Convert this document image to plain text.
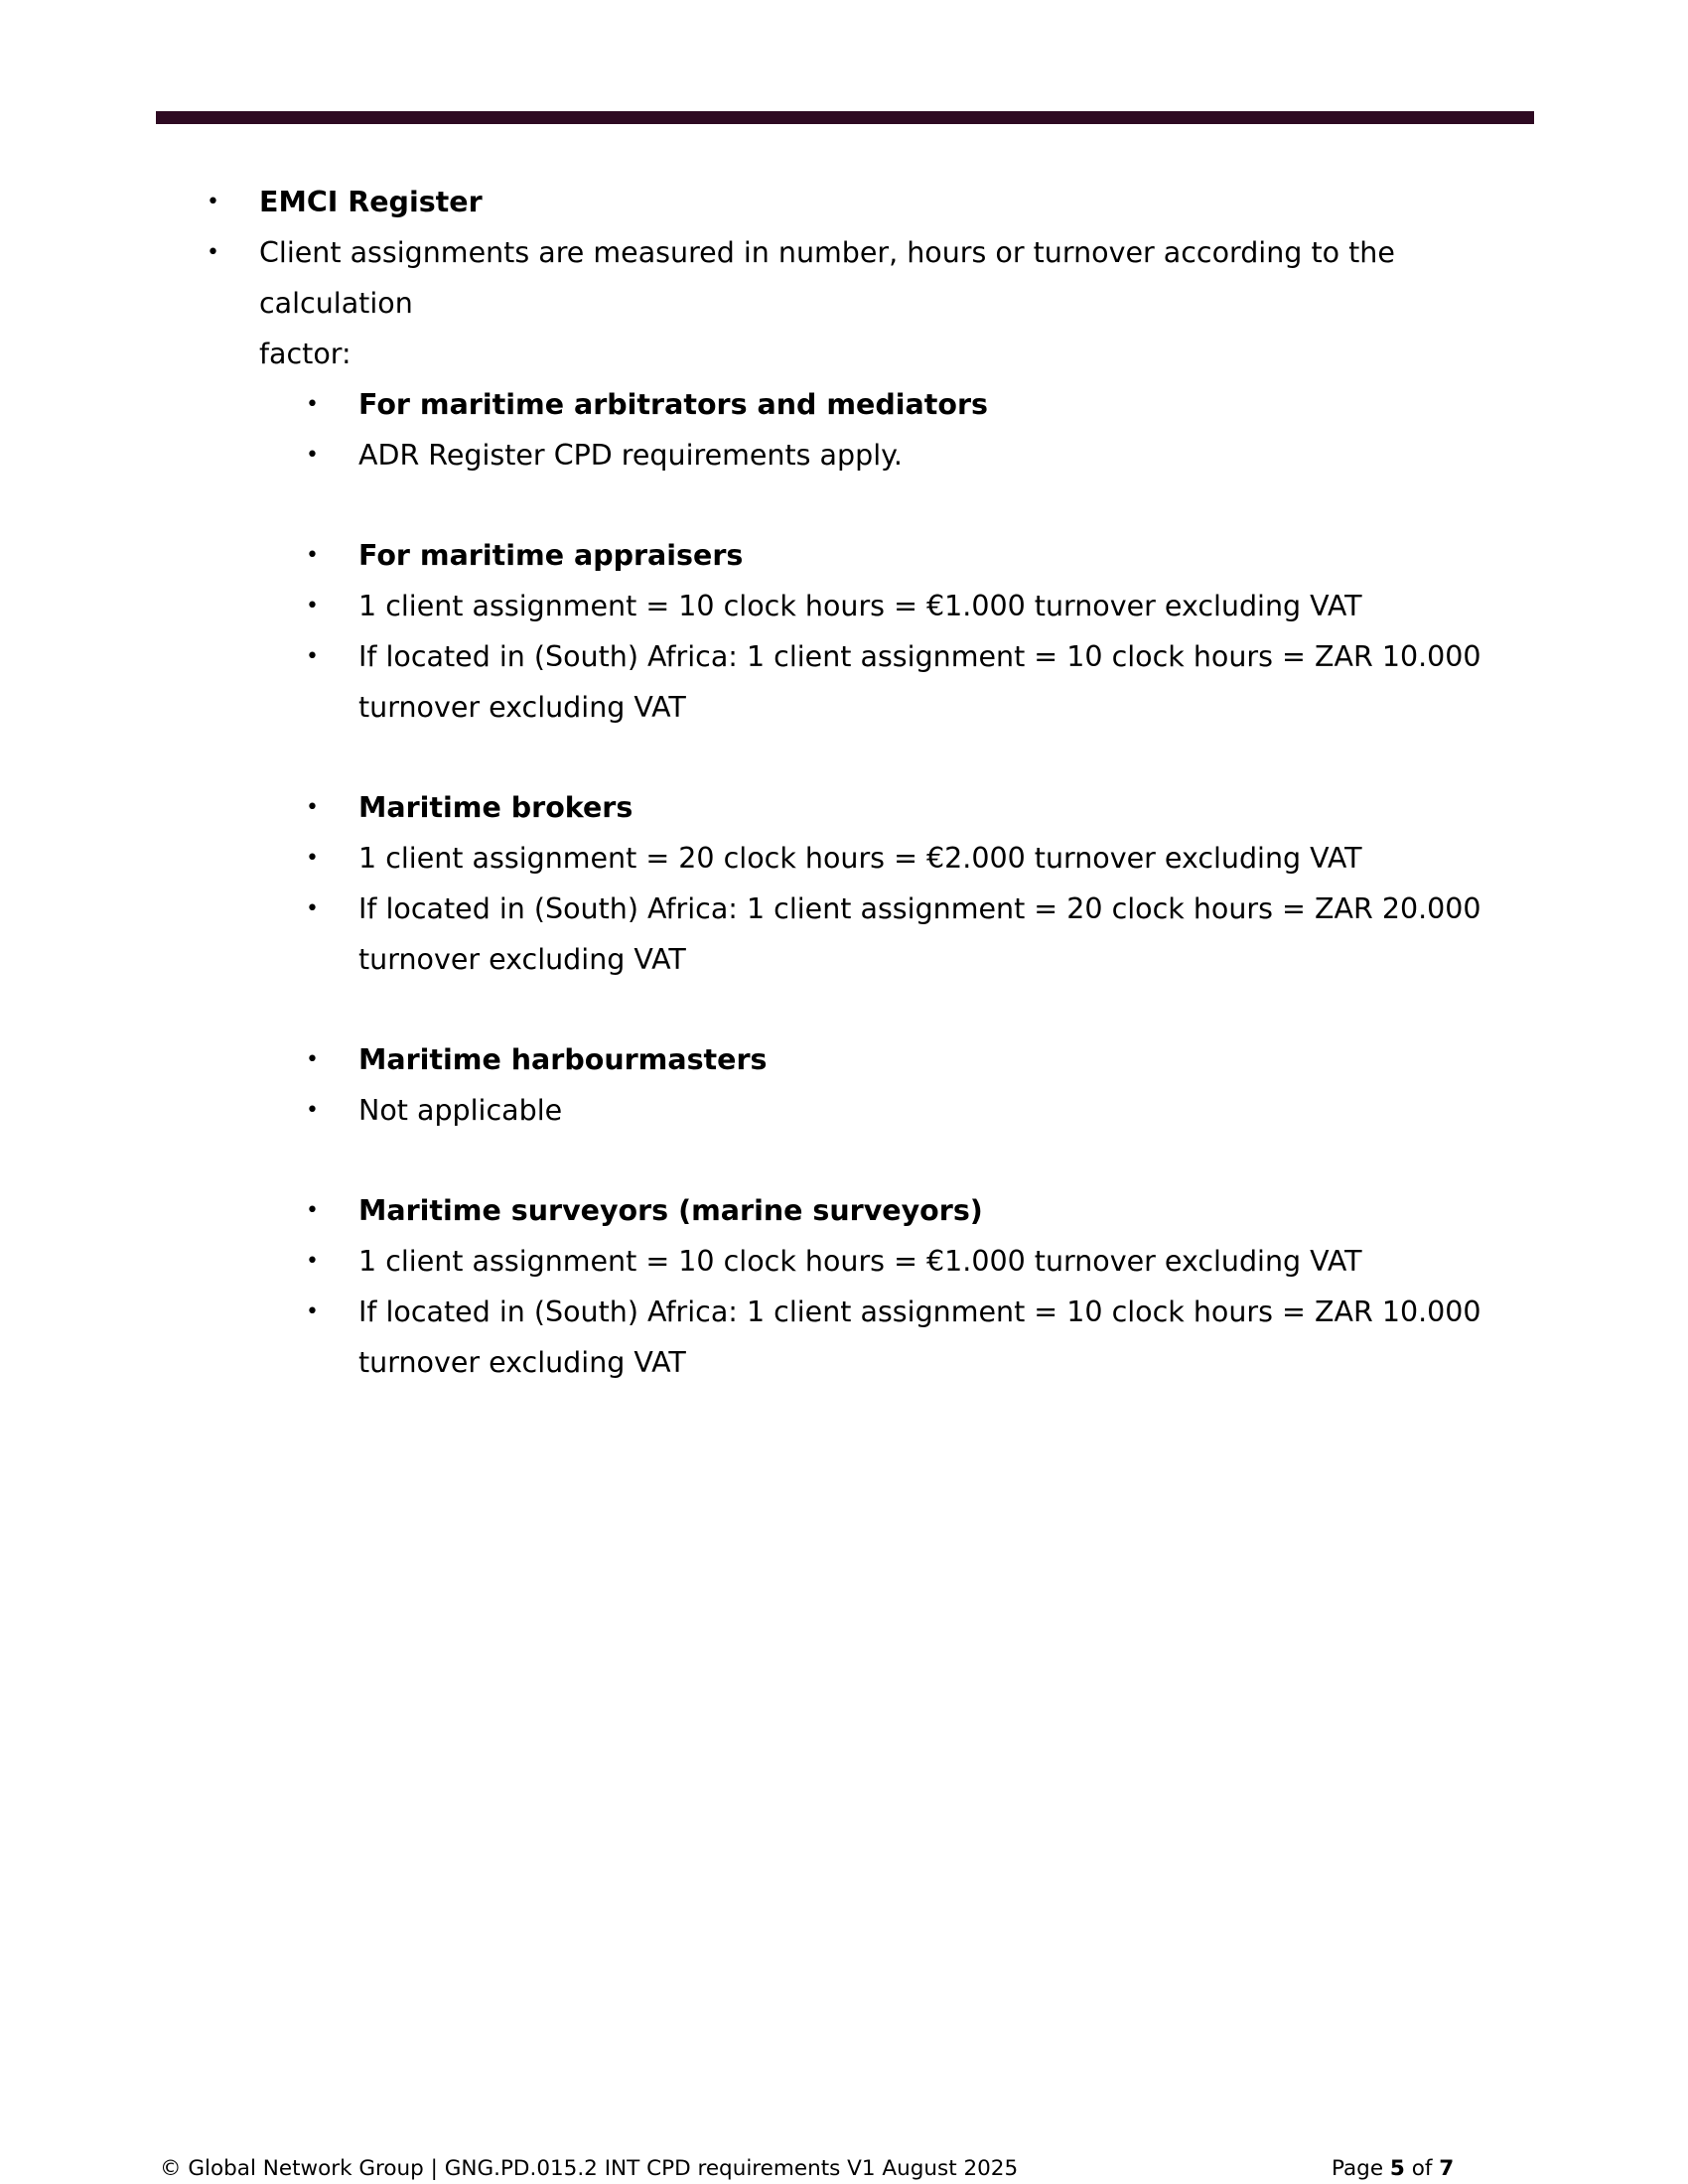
• EMCI Register
• Client assignments are measured in number, hours or turnover according to the calculation
factor:
• For maritime arbitrators and mediators
• ADR Register CPD requirements apply.
• For maritime appraisers
• 1 client assignment = 10 clock hours = €1.000 turnover excluding VAT
• If located in (South) Africa: 1 client assignment = 10 clock hours = ZAR 10.000
turnover excluding VAT
• Maritime brokers
• 1 client assignment = 20 clock hours = €2.000 turnover excluding VAT
• If located in (South) Africa: 1 client assignment = 20 clock hours = ZAR 20.000
turnover excluding VAT
• Maritime harbourmasters
• Not applicable
• Maritime surveyors (marine surveyors)
• 1 client assignment = 10 clock hours = €1.000 turnover excluding VAT
• If located in (South) Africa: 1 client assignment = 10 clock hours = ZAR 10.000
turnover excluding VAT
© Global Network Group | GNG.PD.015.2 INT CPD requirements V1 August 2025	Page 5 of 7
